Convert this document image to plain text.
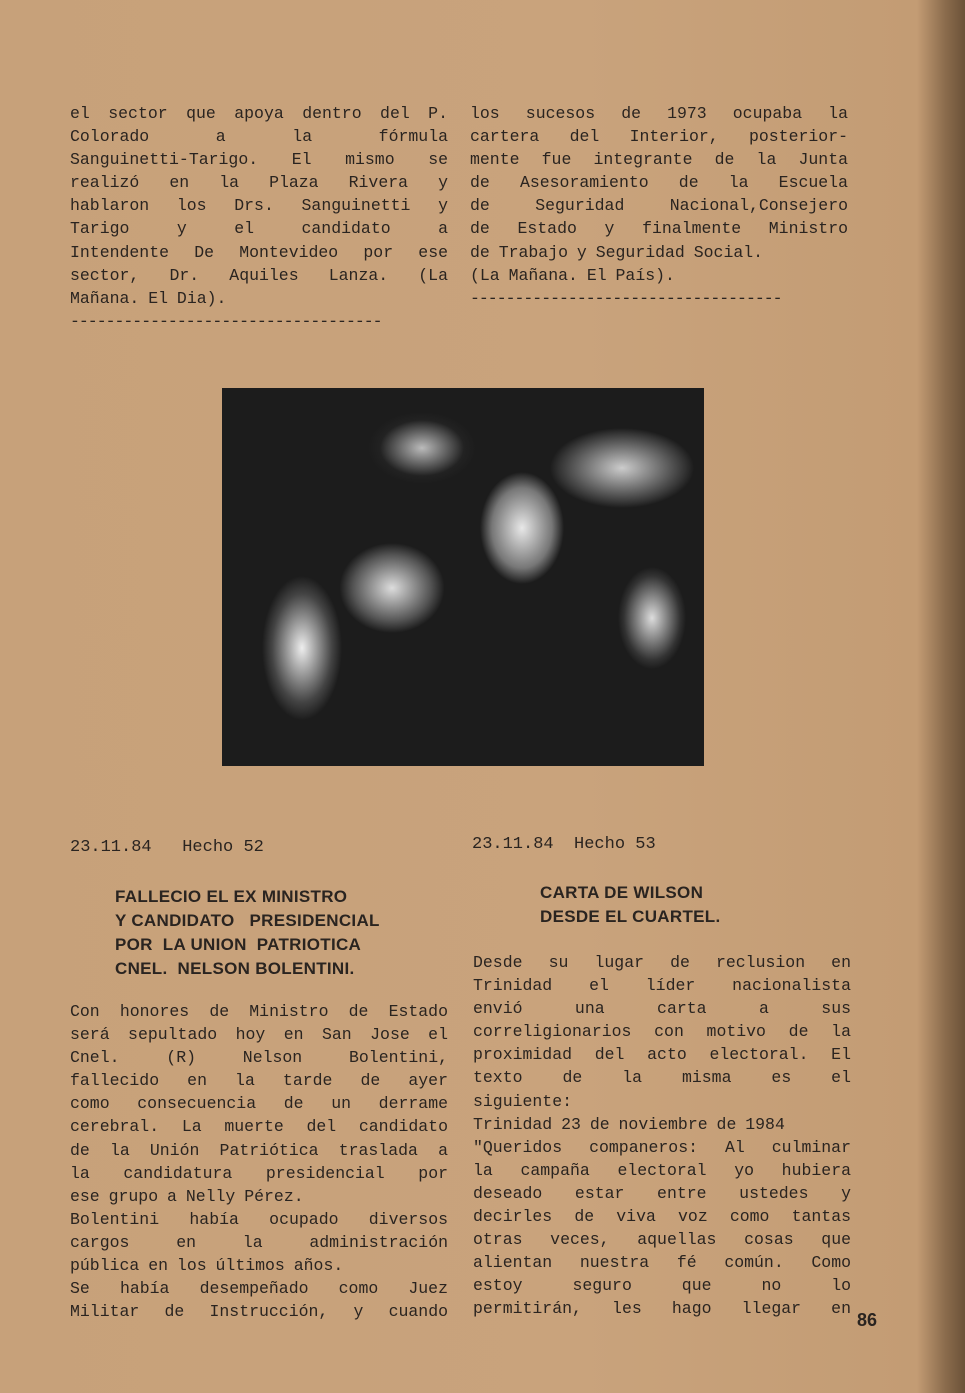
el sector que apoya dentro del P.
Colorado a la fórmula
Sanguinetti-Tarigo. El mismo se
realizó en la Plaza Rivera y
hablaron los Drs. Sanguinetti y
Tarigo y el candidato a
Intendente De Montevideo por ese
sector, Dr. Aquiles Lanza. (La
Mañana. El Dia).
-----------------------------------
los sucesos de 1973 ocupaba la
cartera del Interior, posterior-
mente fue integrante de la Junta
de Asesoramiento de la Escuela
de Seguridad Nacional,Consejero
de Estado y finalmente Ministro
de Trabajo y Seguridad Social.
(La Mañana. El País).
-----------------------------------
23.11.84 Hecho 52	23.11.84 Hecho 53
FALLECIO EL EX MINISTRO
Y CANDIDATO   PRESIDENCIAL
POR  LA UNION  PATRIOTICA
CNEL.  NELSON BOLENTINI.
CARTA DE WILSON
DESDE EL CUARTEL.
Con honores de Ministro de Estado
será sepultado hoy en San Jose el
Cnel. (R) Nelson Bolentini,
fallecido en la tarde de ayer
como consecuencia de un derrame
cerebral. La muerte del candidato
de la Unión Patriótica traslada a
la candidatura presidencial por
ese grupo a Nelly Pérez.
Bolentini había ocupado diversos
cargos en la administración
pública en los últimos años.
Se había desempeñado como Juez
Militar de Instrucción, y cuando
Desde su lugar de reclusion en
Trinidad el líder nacionalista
envió una carta a sus
correligionarios con motivo de la
proximidad del acto electoral. El
texto de la misma es el
siguiente:
Trinidad 23 de noviembre de 1984
"Queridos companeros: Al culminar
la campaña electoral yo hubiera
deseado estar entre ustedes y
decirles de viva voz como tantas
otras veces, aquellas cosas que
alientan nuestra fé común. Como
estoy seguro que no lo
permitirán, les hago llegar en
86
